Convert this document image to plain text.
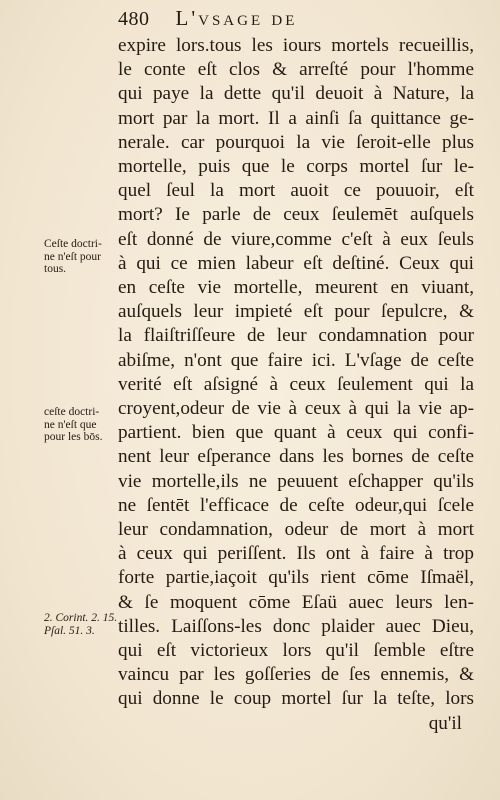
480 L'vsage de
expire lors.tous les iours mortels recueillis,
le conte eſt clos & arreſté pour l'homme
qui paye la dette qu'il deuoit à Nature, la
mort par la mort. Il a ainſi ſa quittance ge-
nerale. car pourquoi la vie ſeroit-elle plus
mortelle, puis que le corps mortel ſur le-
quel ſeul la mort auoit ce pouuoir, eſt
mort? Ie parle de ceux ſeulemēt auſquels
eſt donné de viure,comme c'eſt à eux ſeuls
à qui ce mien labeur eſt deſtiné. Ceux qui
en ceſte vie mortelle, meurent en viuant,
auſquels leur impieté eſt pour ſepulcre, &
la flaiſtriſſeure de leur condamnation pour
abiſme, n'ont que faire ici. L'vſage de ceſte
verité eſt aſsigné à ceux ſeulement qui la
croyent,odeur de vie à ceux à qui la vie ap-
partient. bien que quant à ceux qui confi-
nent leur eſperance dans les bornes de ceſte
vie mortelle,ils ne peuuent eſchapper qu'ils
ne ſentēt l'efficace de ceſte odeur,qui ſcele
leur condamnation, odeur de mort à mort
à ceux qui periſſent. Ils ont à faire à trop
forte partie,iaçoit qu'ils rient cōme Iſmaël,
& ſe moquent cōme Eſaü auec leurs len-
tilles. Laiſſons-les donc plaider auec Dieu,
qui eſt victorieux lors qu'il ſemble eſtre
vaincu par les goſſeries de ſes ennemis, &
qui donne le coup mortel ſur la teſte, lors
qu'il
Ceſte doctri-
ne n'eſt pour
tous.
ceſte doctri-
ne n'eſt que
pour les bōs.
2. Corint. 2. 15.
Pſal. 51. 3.
